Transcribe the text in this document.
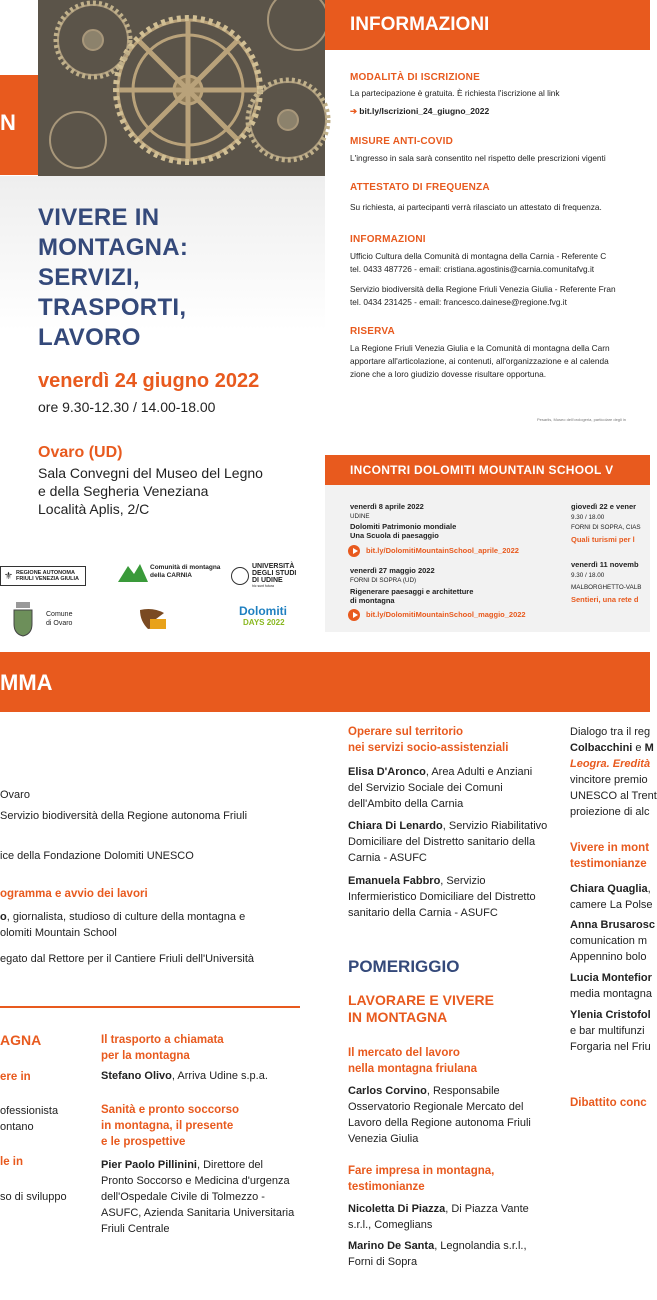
N
VIVERE IN
MONTAGNA:
SERVIZI,
TRASPORTI,
LAVORO
venerdì 24 giugno 2022
ore 9.30-12.30 / 14.00-18.00
Ovaro (UD)
Sala Convegni del Museo del Legno
e della Segheria Veneziana
Località Aplis, 2/C
⚜ REGIONE AUTONOMA FRIULI VENEZIA GIULIA
Comunità di montagna
della CARNIA
UNIVERSITÀ
DEGLI STUDI
DI UDINE
hic sunt futura
Comune
di Ovaro
Dolomiti
DAYS 2022
INFORMAZIONI
MODALITÀ DI ISCRIZIONE
La partecipazione è gratuita. È richiesta l'iscrizione al link
➔ bit.ly/Iscrizioni_24_giugno_2022
MISURE ANTI-COVID
L'ingresso in sala sarà consentito nel rispetto delle prescrizioni vigenti
ATTESTATO DI FREQUENZA
Su richiesta, ai partecipanti verrà rilasciato un attestato di frequenza.
INFORMAZIONI
Ufficio Cultura della Comunità di montagna della Carnia - Referente C
tel. 0433 487726 - email: cristiana.agostinis@carnia.comunitafvg.it
Servizio biodiversità della Regione Friuli Venezia Giulia - Referente Fran
tel. 0434 231425 - email: francesco.dainese@regione.fvg.it
RISERVA
La Regione Friuli Venezia Giulia e la Comunità di montagna della Carn
apportare all'articolazione, ai contenuti, all'organizzazione e al calenda
zione che a loro giudizio dovesse risultare opportuna.
Pesariis, Museo dell'orologeria, particolare degli in
INCONTRI DOLOMITI MOUNTAIN SCHOOL V
venerdì 8 aprile 2022
UDINE
Dolomiti Patrimonio mondiale
Una Scuola di paesaggio
bit.ly/DolomitiMountainSchool_aprile_2022
venerdì 27 maggio 2022
FORNI DI SOPRA (UD)
Rigenerare paesaggi e architetture
di montagna
bit.ly/DolomitiMountainSchool_maggio_2022
giovedì 22 e vener
9.30 / 18.00
FORNI DI SOPRA, CIAS
Quali turismi per l
venerdì 11 novemb
9.30 / 18.00
MALBORGHETTO-VALB
Sentieri, una rete d
MMA
Ovaro
Servizio biodiversità della Regione autonoma Friuli
ice della Fondazione Dolomiti UNESCO
ogramma e avvio dei lavori
o, giornalista, studioso di culture della montagna e
olomiti Mountain School
egato dal Rettore per il Cantiere Friuli dell'Università
AGNA
ere in
ofessionista
ontano
le in
so di sviluppo
Il trasporto a chiamata
per la montagna
Stefano Olivo, Arriva Udine s.p.a.
Sanità e pronto soccorso
in montagna, il presente
e le prospettive
Pier Paolo Pillinini, Direttore del
Pronto Soccorso e Medicina d'urgenza
dell'Ospedale Civile di Tolmezzo -
ASUFC, Azienda Sanitaria Universitaria
Friuli Centrale
Operare sul territorio
nei servizi socio-assistenziali
Elisa D'Aronco, Area Adulti e Anziani
del Servizio Sociale dei Comuni
dell'Ambito della Carnia
Chiara Di Lenardo, Servizio Riabilitativo
Domiciliare del Distretto sanitario della
Carnia - ASUFC
Emanuela Fabbro, Servizio
Infermieristico Domiciliare del Distretto
sanitario della Carnia - ASUFC
POMERIGGIO
LAVORARE E VIVERE
IN MONTAGNA
Il mercato del lavoro
nella montagna friulana
Carlos Corvino, Responsabile
Osservatorio Regionale Mercato del
Lavoro della Regione autonoma Friuli
Venezia Giulia
Fare impresa in montagna,
testimonianze
Nicoletta Di Piazza, Di Piazza Vante
s.r.l., Comeglians
Marino De Santa, Legnolandia s.r.l.,
Forni di Sopra
Dialogo tra il reg
Colbacchini e M
Leogra. Eredità
vincitore premio
UNESCO al Trent
proiezione di alc
Vivere in mont
testimonianze
Chiara Quaglia,
camere La Polse
Anna Brusarosc
comunication m
Appennino bolo
Lucia Montefior
media montagna
Ylenia Cristofol
e bar multifunzi
Forgaria nel Friu
Dibattito conc
